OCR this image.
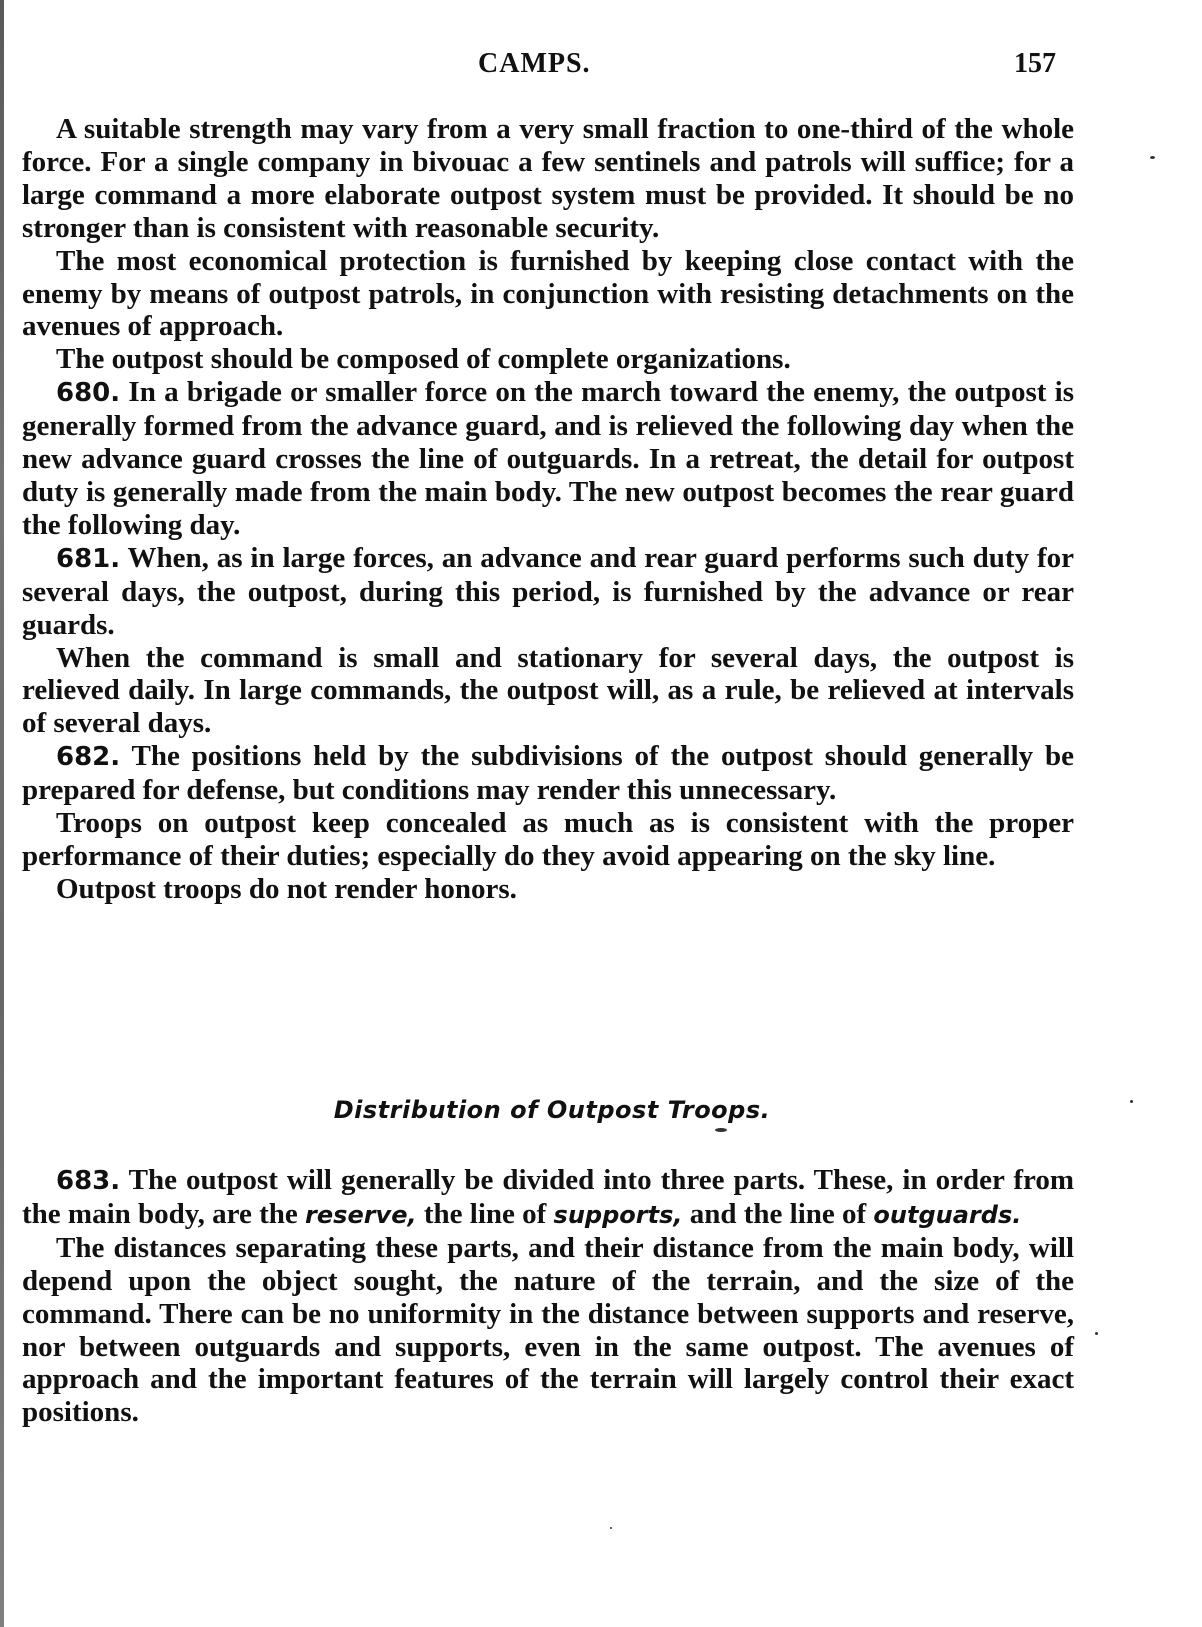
CAMPS.	157

A suitable strength may vary from a very small fraction to one-third of the whole force. For a single company in bivouac a few sentinels and patrols will suffice; for a large command a more elaborate outpost system must be provided. It should be no stronger than is consistent with reasonable security.

The most economical protection is furnished by keeping close contact with the enemy by means of outpost patrols, in conjunction with resisting detachments on the avenues of approach.

The outpost should be composed of complete organizations.

680. In a brigade or smaller force on the march toward the enemy, the outpost is generally formed from the advance guard, and is relieved the following day when the new advance guard crosses the line of outguards. In a retreat, the detail for outpost duty is generally made from the main body. The new outpost becomes the rear guard the following day.

681. When, as in large forces, an advance and rear guard performs such duty for several days, the outpost, during this period, is furnished by the advance or rear guards.

When the command is small and stationary for several days, the outpost is relieved daily. In large commands, the outpost will, as a rule, be relieved at intervals of several days.

682. The positions held by the subdivisions of the outpost should generally be prepared for defense, but conditions may render this unnecessary.

Troops on outpost keep concealed as much as is consistent with the proper performance of their duties; especially do they avoid appearing on the sky line.

Outpost troops do not render honors.

Distribution of Outpost Troops.

683. The outpost will generally be divided into three parts. These, in order from the main body, are the reserve, the line of supports, and the line of outguards.

The distances separating these parts, and their distance from the main body, will depend upon the object sought, the nature of the terrain, and the size of the command. There can be no uniformity in the distance between supports and reserve, nor between outguards and supports, even in the same outpost. The avenues of approach and the important features of the terrain will largely control their exact positions.
